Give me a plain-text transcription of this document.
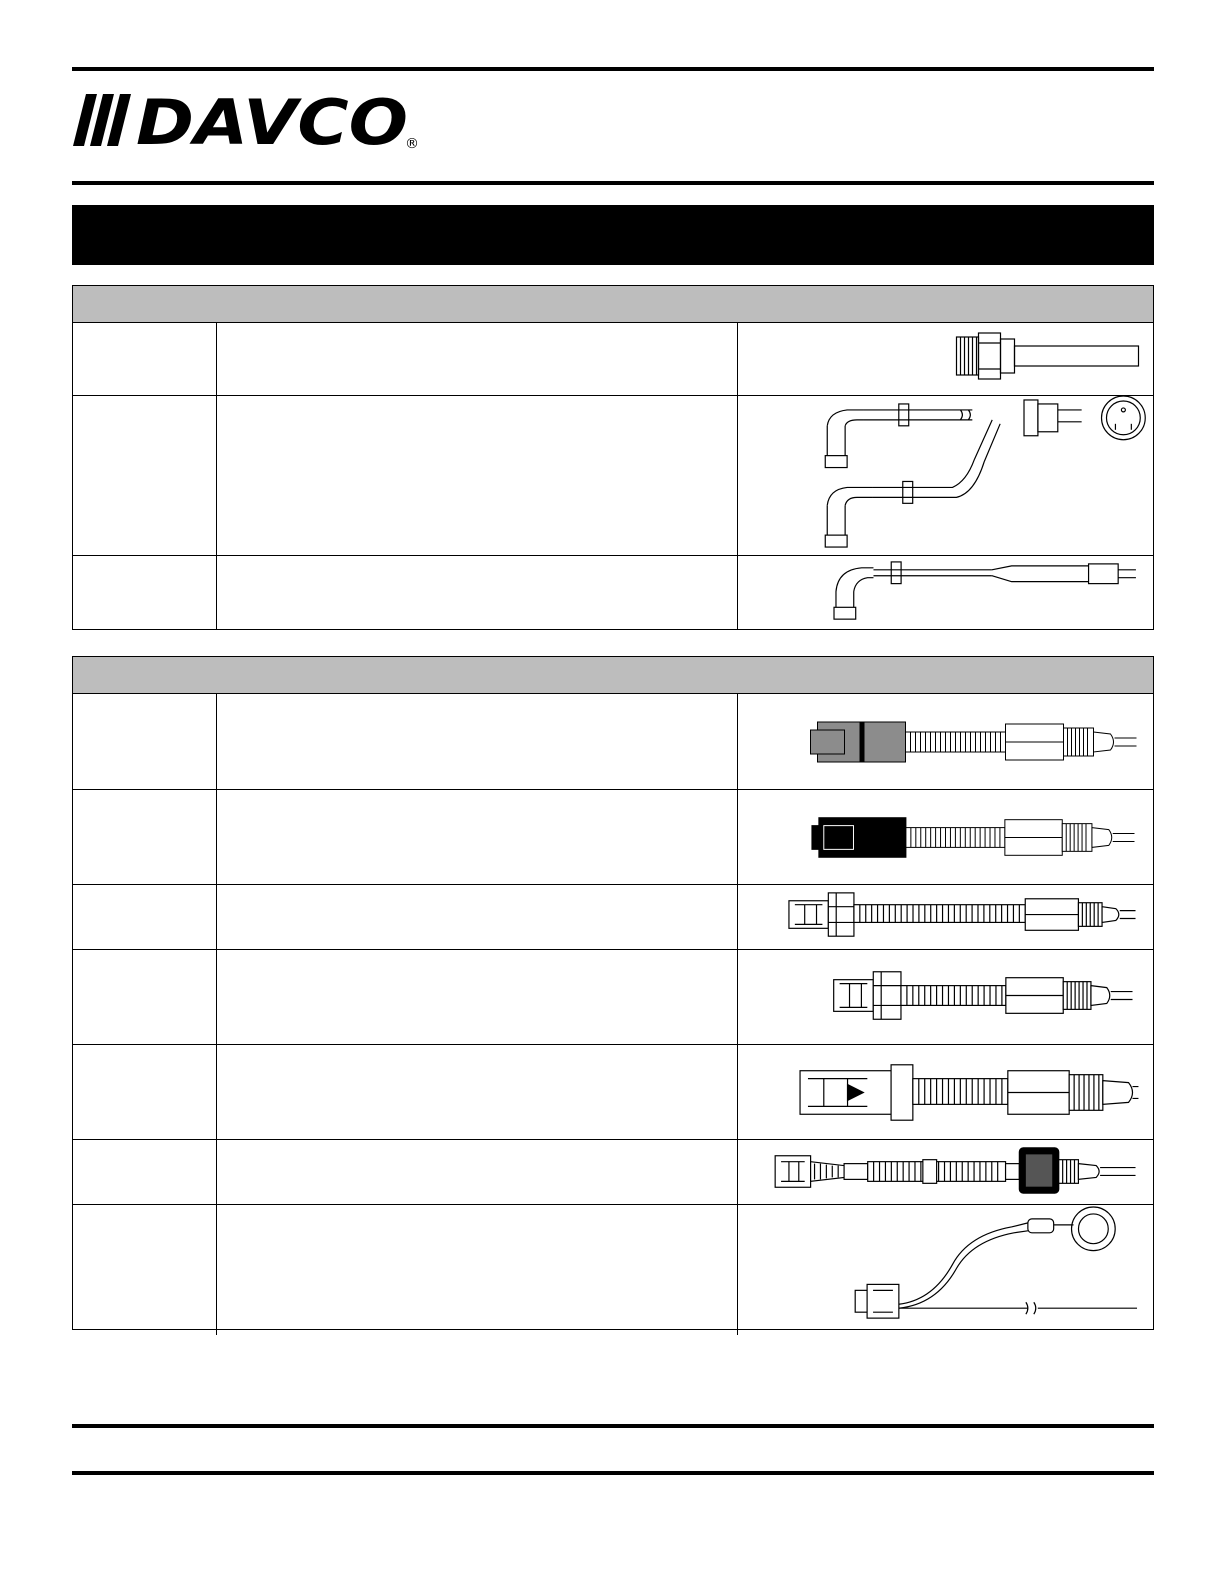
DAVCO
®
